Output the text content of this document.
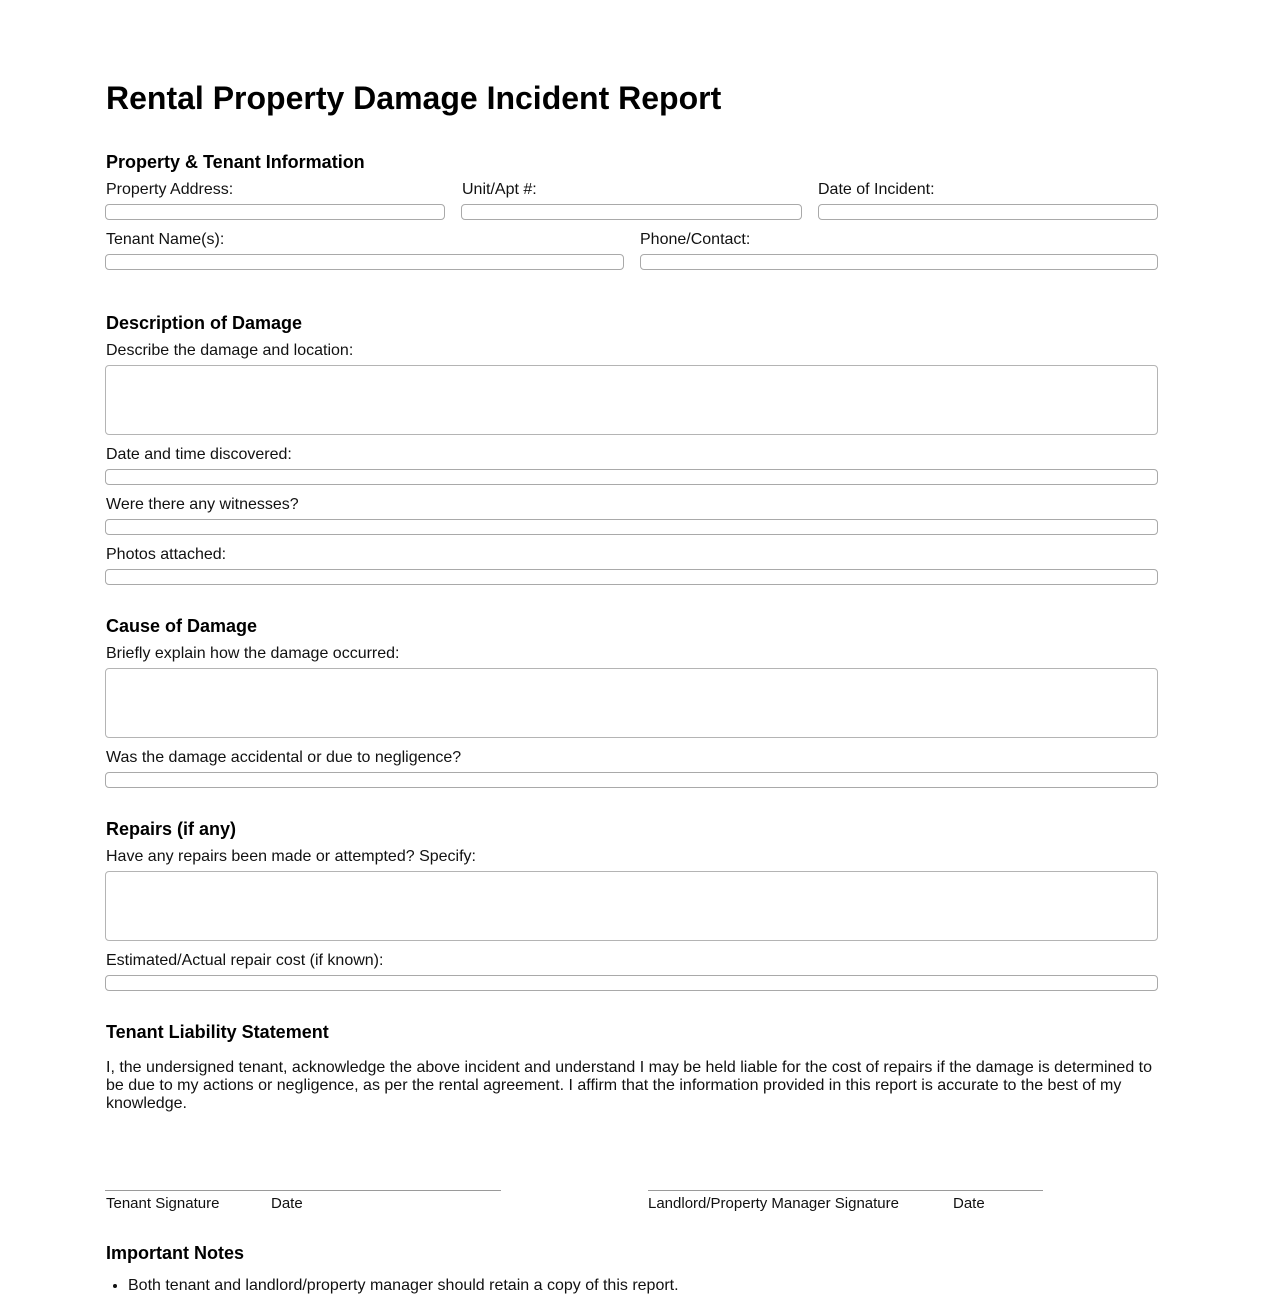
Rental Property Damage Incident Report
Property & Tenant Information
Property Address:	Unit/Apt #:	Date of Incident:
Tenant Name(s):	Phone/Contact:
Description of Damage
Describe the damage and location:
Date and time discovered:
Were there any witnesses?
Photos attached:
Cause of Damage
Briefly explain how the damage occurred:
Was the damage accidental or due to negligence?
Repairs (if any)
Have any repairs been made or attempted? Specify:
Estimated/Actual repair cost (if known):
Tenant Liability Statement

I, the undersigned tenant, acknowledge the above incident and understand I may be held liable for the cost of repairs if the damage is determined to be due to my actions or negligence, as per the rental agreement. I affirm that the information provided in this report is accurate to the best of my knowledge.

Tenant Signature	Date	Landlord/Property Manager Signature	Date
Important Notes
• Both tenant and landlord/property manager should retain a copy of this report.
